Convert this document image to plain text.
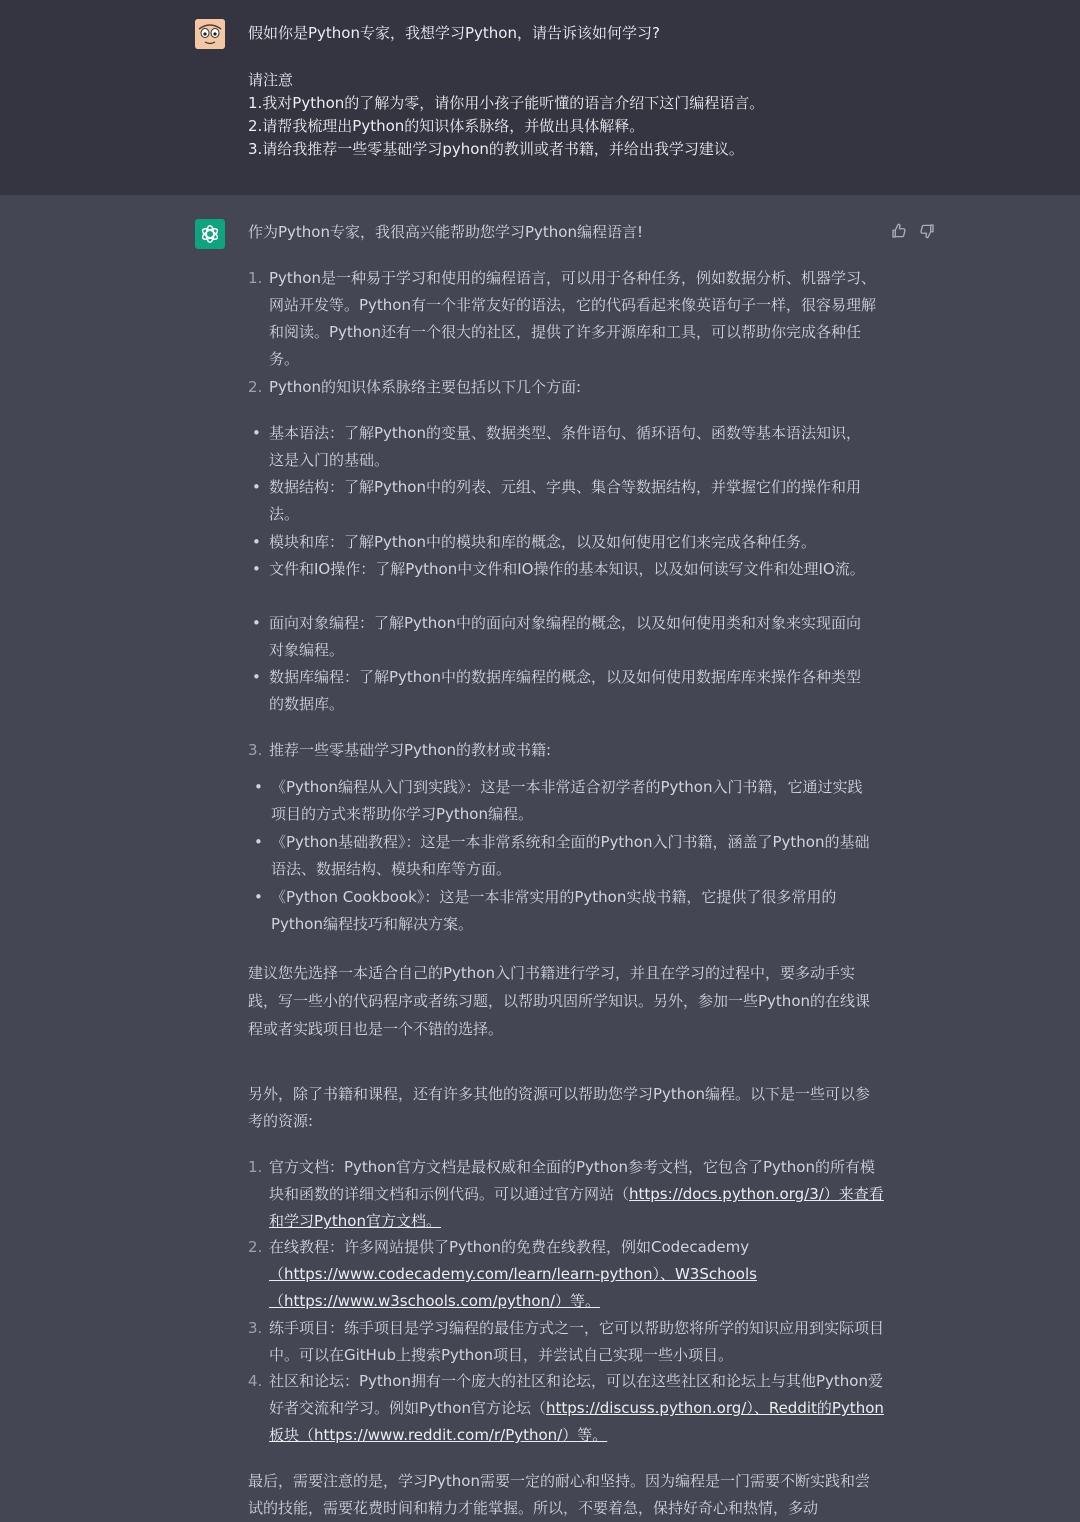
假如你是Python专家，我想学习Python，请告诉该如何学习?

请注意

1.我对Python的了解为零，请你用小孩子能听懂的语言介绍下这门编程语言。

2.请帮我梳理出Python的知识体系脉络，并做出具体解释。

3.请给我推荐一些零基础学习pyhon的教训或者书籍，并给出我学习建议。

作为Python专家，我很高兴能帮助您学习Python编程语言!
1. Python是一种易于学习和使用的编程语言，可以用于各种任务，例如数据分析、机器学习、网站开发等。Python有一个非常友好的语法，它的代码看起来像英语句子一样，很容易理解和阅读。Python还有一个很大的社区，提供了许多开源库和工具，可以帮助你完成各种任务。
2. Python的知识体系脉络主要包括以下几个方面:
• 基本语法：了解Python的变量、数据类型、条件语句、循环语句、函数等基本语法知识，这是入门的基础。
• 数据结构：了解Python中的列表、元组、字典、集合等数据结构，并掌握它们的操作和用法。
• 模块和库：了解Python中的模块和库的概念，以及如何使用它们来完成各种任务。
• 文件和IO操作：了解Python中文件和IO操作的基本知识，以及如何读写文件和处理IO流。
• 面向对象编程：了解Python中的面向对象编程的概念，以及如何使用类和对象来实现面向对象编程。
• 数据库编程：了解Python中的数据库编程的概念，以及如何使用数据库库来操作各种类型的数据库。
3. 推荐一些零基础学习Python的教材或书籍:
• 《Python编程从入门到实践》：这是一本非常适合初学者的Python入门书籍，它通过实践项目的方式来帮助你学习Python编程。
• 《Python基础教程》：这是一本非常系统和全面的Python入门书籍，涵盖了Python的基础语法、数据结构、模块和库等方面。
• 《Python Cookbook》：这是一本非常实用的Python实战书籍，它提供了很多常用的Python编程技巧和解决方案。
建议您先选择一本适合自己的Python入门书籍进行学习，并且在学习的过程中，要多动手实践，写一些小的代码程序或者练习题，以帮助巩固所学知识。另外，参加一些Python的在线课程或者实践项目也是一个不错的选择。
另外，除了书籍和课程，还有许多其他的资源可以帮助您学习Python编程。以下是一些可以参考的资源:
1. 官方文档：Python官方文档是最权威和全面的Python参考文档，它包含了Python的所有模块和函数的详细文档和示例代码。可以通过官方网站（https://docs.python.org/3/）来查看和学习Python官方文档。
2. 在线教程：许多网站提供了Python的免费在线教程，例如Codecademy（https://www.codecademy.com/learn/learn-python）、W3Schools（https://www.w3schools.com/python/）等。
3. 练手项目：练手项目是学习编程的最佳方式之一，它可以帮助您将所学的知识应用到实际项目中。可以在GitHub上搜索Python项目，并尝试自己实现一些小项目。
4. 社区和论坛：Python拥有一个庞大的社区和论坛，可以在这些社区和论坛上与其他Python爱好者交流和学习。例如Python官方论坛（https://discuss.python.org/）、Reddit的Python板块（https://www.reddit.com/r/Python/）等。
最后，需要注意的是，学习Python需要一定的耐心和坚持。因为编程是一门需要不断实践和尝试的技能，需要花费时间和精力才能掌握。所以，不要着急，保持好奇心和热情，多动
